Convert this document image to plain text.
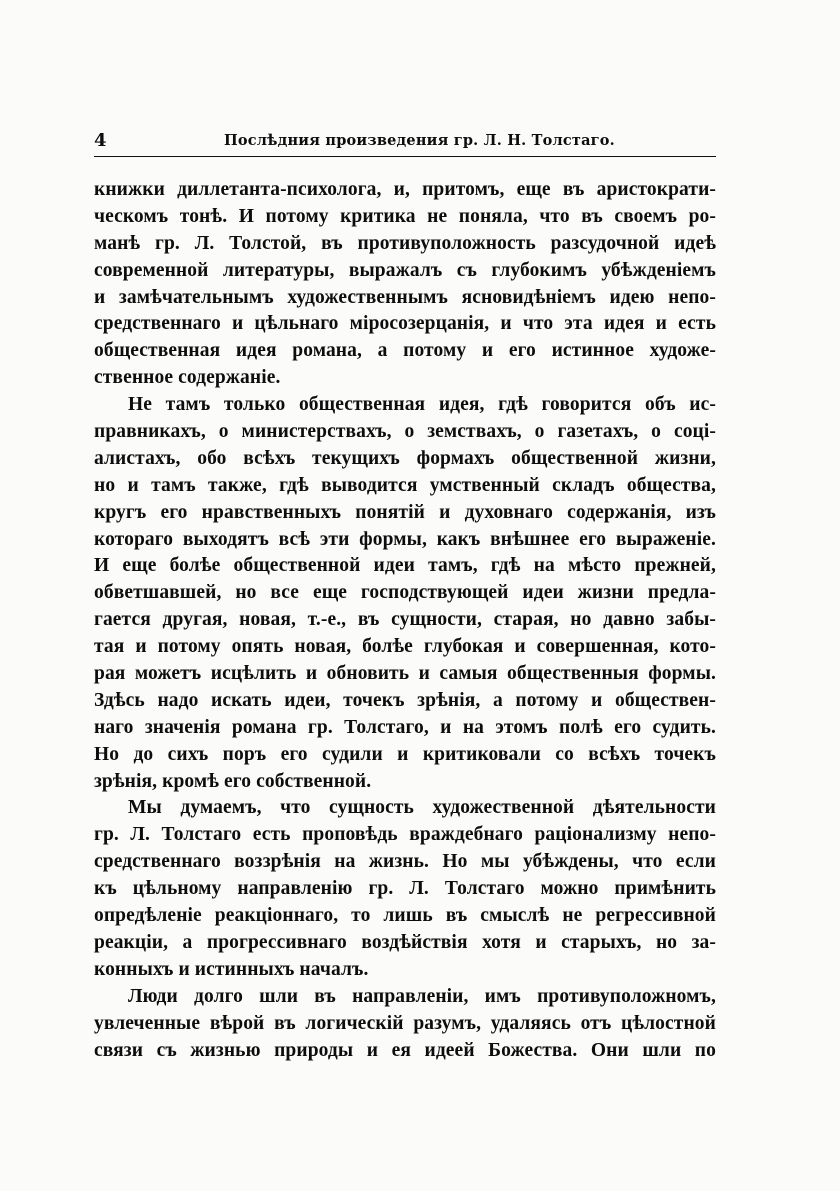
4	Послѣдния произведения гр. Л. Н. Толстаго.
книжки диллетанта-психолога, и, притомъ, еще въ аристократи-
ческомъ тонѣ. И потому критика не поняла, что въ своемъ ро-
манѣ гр. Л. Толстой, въ противуположность разсудочной идеѣ
современной литературы, выражалъ съ глубокимъ убѣжденіемъ
и замѣчательнымъ художественнымъ ясновидѣніемъ идею непо-
средственнаго и цѣльнаго міросозерцанія, и что эта идея и есть
общественная идея романа, а потому и его истинное художе-
ственное содержаніе.
Не тамъ только общественная идея, гдѣ говорится объ ис-
правникахъ, о министерствахъ, о земствахъ, о газетахъ, о соці-
алистахъ, обо всѣхъ текущихъ формахъ общественной жизни,
но и тамъ также, гдѣ выводится умственный складъ общества,
кругъ его нравственныхъ понятій и духовнаго содержанія, изъ
котораго выходятъ всѣ эти формы, какъ внѣшнее его выраженіе.
И еще болѣе общественной идеи тамъ, гдѣ на мѣсто прежней,
обветшавшей, но все еще господствующей идеи жизни предла-
гается другая, новая, т.-е., въ сущности, старая, но давно забы-
тая и потому опять новая, болѣе глубокая и совершенная, кото-
рая можетъ исцѣлить и обновить и самыя общественныя формы.
Здѣсь надо искать идеи, точекъ зрѣнія, а потому и обществен-
наго значенія романа гр. Толстаго, и на этомъ полѣ его судить.
Но до сихъ поръ его судили и критиковали со всѣхъ точекъ
зрѣнія, кромѣ его собственной.
Мы думаемъ, что сущность художественной дѣятельности
гр. Л. Толстаго есть проповѣдь враждебнаго раціонализму непо-
средственнаго воззрѣнія на жизнь. Но мы убѣждены, что если
къ цѣльному направленію гр. Л. Толстаго можно примѣнить
опредѣленіе реакціоннаго, то лишь въ смыслѣ не регрессивной
реакціи, а прогрессивнаго воздѣйствія хотя и старыхъ, но за-
конныхъ и истинныхъ началъ.
Люди долго шли въ направленіи, имъ противуположномъ,
увлеченные вѣрой въ логическій разумъ, удаляясь отъ цѣлостной
связи съ жизнью природы и ея идеей Божества. Они шли по
